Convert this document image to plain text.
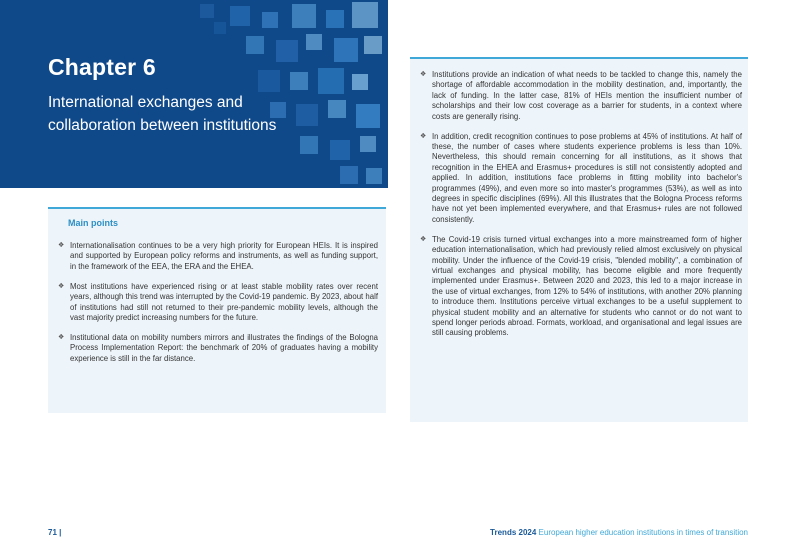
Chapter 6

International exchanges and collaboration between institutions

Main points
❖ Internationalisation continues to be a very high priority for European HEIs. It is inspired and supported by European policy reforms and instruments, as well as funding support, in the framework of the EEA, the ERA and the EHEA.
❖ Most institutions have experienced rising or at least stable mobility rates over recent years, although this trend was interrupted by the Covid-19 pandemic. By 2023, about half of institutions had still not returned to their pre-pandemic mobility levels, although the vast majority predict increasing numbers for the future.
❖ Institutional data on mobility numbers mirrors and illustrates the findings of the Bologna Process Implementation Report: the benchmark of 20% of graduates having a mobility experience is still in the far distance.
❖ Institutions provide an indication of what needs to be tackled to change this, namely the shortage of affordable accommodation in the mobility destination, and, importantly, the lack of funding. In the latter case, 81% of HEIs mention the insufficient number of scholarships and their low cost coverage as a barrier for students, in a context where costs are generally rising.
❖ In addition, credit recognition continues to pose problems at 45% of institutions. At half of these, the number of cases where students experience problems is less than 10%. Nevertheless, this should remain concerning for all institutions, as it shows that recognition in the EHEA and Erasmus+ procedures is still not consistently adopted and applied. In addition, institutions face problems in fitting mobility into bachelor's programmes (49%), and even more so into master's programmes (53%), as well as into degrees in specific disciplines (69%). All this illustrates that the Bologna Process reforms have not yet been implemented everywhere, and that Erasmus+ rules are not followed consistently.
❖ The Covid-19 crisis turned virtual exchanges into a more mainstreamed form of higher education internationalisation, which had previously relied almost exclusively on physical mobility. Under the influence of the Covid-19 crisis, "blended mobility", a combination of virtual exchanges and physical mobility, has become eligible and more frequently implemented under Erasmus+. Between 2020 and 2023, this led to a major increase in the use of virtual exchanges, from 12% to 54% of institutions, with another 20% planning to introduce them. Institutions perceive virtual exchanges to be a useful supplement to physical student mobility and an alternative for students who cannot or do not want to spend longer periods abroad. Formats, workload, and organisational and legal issues are still causing problems.
71 |	Trends 2024 European higher education institutions in times of transition
